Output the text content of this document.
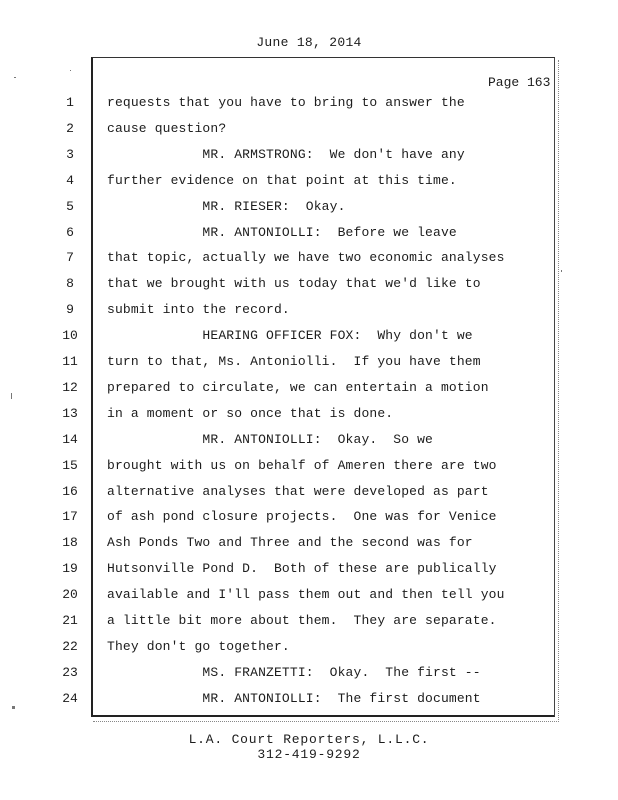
June 18, 2014
Page 163
1	requests that you have to bring to answer the
2	cause question?
3	MR. ARMSTRONG:  We don't have any
4	further evidence on that point at this time.
5	MR. RIESER:  Okay.
6	MR. ANTONIOLLI:  Before we leave
7	that topic, actually we have two economic analyses
8	that we brought with us today that we'd like to
9	submit into the record.
10	HEARING OFFICER FOX:  Why don't we
11	turn to that, Ms. Antoniolli.  If you have them
12	prepared to circulate, we can entertain a motion
13	in a moment or so once that is done.
14	MR. ANTONIOLLI:  Okay.  So we
15	brought with us on behalf of Ameren there are two
16	alternative analyses that were developed as part
17	of ash pond closure projects.  One was for Venice
18	Ash Ponds Two and Three and the second was for
19	Hutsonville Pond D.  Both of these are publically
20	available and I'll pass them out and then tell you
21	a little bit more about them.  They are separate.
22	They don't go together.
23	MS. FRANZETTI:  Okay.  The first --
24	MR. ANTONIOLLI:  The first document
L.A. Court Reporters, L.L.C.
312-419-9292
